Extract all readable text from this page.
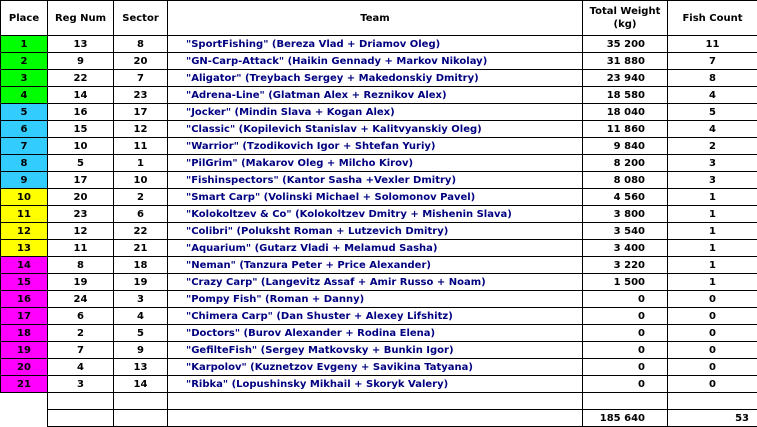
Place	Reg Num	Sector	Team	Total Weight (kg)	Fish Count
1	13	8	"SportFishing" (Bereza Vlad + Driamov Oleg)	35 200	11
2	9	20	"GN-Carp-Attack" (Haikin Gennady + Markov Nikolay)	31 880	7
3	22	7	"Aligator" (Treybach Sergey + Makedonskiy Dmitry)	23 940	8
4	14	23	"Adrena-Line" (Glatman Alex + Reznikov Alex)	18 580	4
5	16	17	"Jocker" (Mindin Slava + Kogan Alex)	18 040	5
6	15	12	"Classic" (Kopilevich Stanislav + Kalitvyanskiy Oleg)	11 860	4
7	10	11	"Warrior" (Tzodikovich Igor + Shtefan Yuriy)	9 840	2
8	5	1	"PilGrim" (Makarov Oleg + Milcho Kirov)	8 200	3
9	17	10	"Fishinspectors" (Kantor Sasha +Vexler Dmitry)	8 080	3
10	20	2	"Smart Carp" (Volinski Michael + Solomonov Pavel)	4 560	1
11	23	6	"Kolokoltzev & Co" (Kolokoltzev Dmitry + Mishenin Slava)	3 800	1
12	12	22	"Colibri" (Poluksht Roman + Lutzevich Dmitry)	3 540	1
13	11	21	"Aquarium" (Gutarz Vladi + Melamud Sasha)	3 400	1
14	8	18	"Neman" (Tanzura Peter + Price Alexander)	3 220	1
15	19	19	"Crazy Carp" (Langevitz Assaf + Amir Russo + Noam)	1 500	1
16	24	3	"Pompy Fish" (Roman + Danny)	0	0
17	6	4	"Chimera Carp" (Dan Shuster + Alexey Lifshitz)	0	0
18	2	5	"Doctors" (Burov Alexander + Rodina Elena)	0	0
19	7	9	"GefilteFish" (Sergey Matkovsky + Bunkin Igor)	0	0
20	4	13	"Karpolov" (Kuznetzov Evgeny + Savikina Tatyana)	0	0
21	3	14	"Ribka" (Lopushinsky Mikhail + Skoryk Valery)	0	0

				185 640	53
